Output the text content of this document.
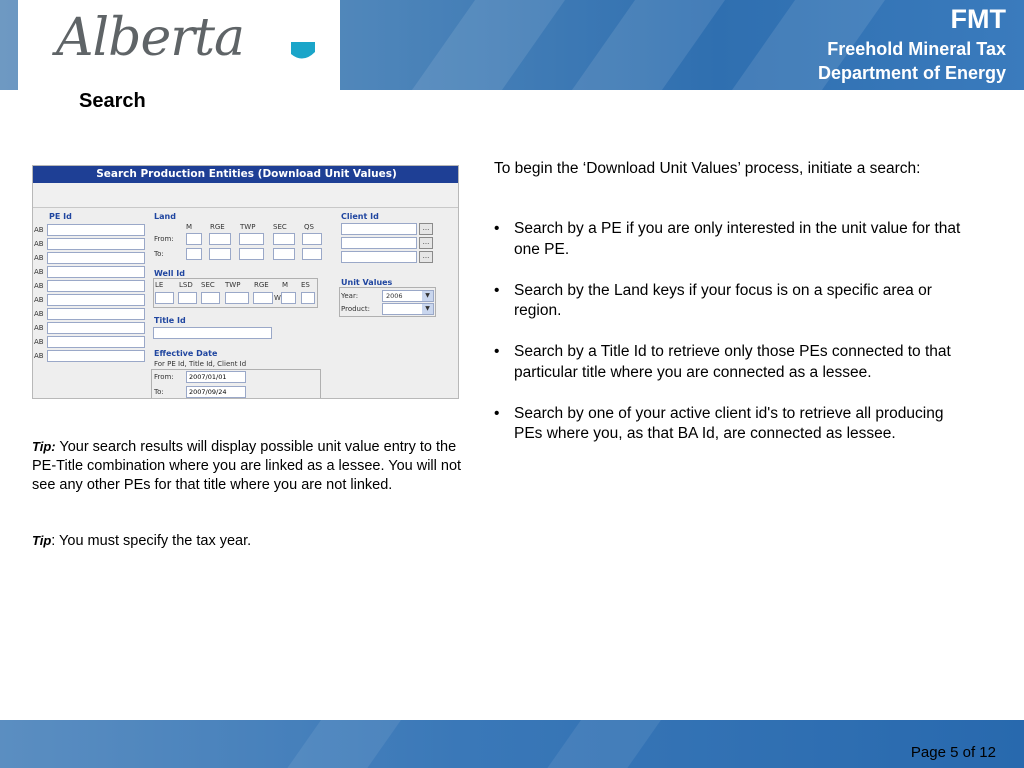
Alberta	FMT
Freehold Mineral Tax
Department of Energy
Search
Search Production Entities (Download Unit Values)
PE Id
AB
AB
AB
AB
AB
AB
AB
AB
AB
AB
Land
M	RGE TWP	SEC QS
From:
To:
Well Id
LE LSD SEC TWP RGE M ES
W
Title Id
Effective Date
For PE Id, Title Id, Client Id
From:	2007/01/01
To:	2007/09/24
Client Id
...
...
...
Unit Values
Year:	2006	▼
Product:	▼
To begin the ‘Download Unit Values’ process, initiate a search:
• Search by a PE if you are only interested in the unit value for that one PE.
• Search by the Land keys if your focus is on a specific area or region.
• Search by a Title Id to retrieve only those PEs connected to that particular title where you are connected as a lessee.
• Search by one of your active client id's to retrieve all producing PEs where you, as that BA Id, are connected as lessee.
Tip: Your search results will display possible unit value entry to the PE-Title combination where you are linked as a lessee. You will not see any other PEs for that title where you are not linked.
Tip: You must specify the tax year.
Page 5 of 12
